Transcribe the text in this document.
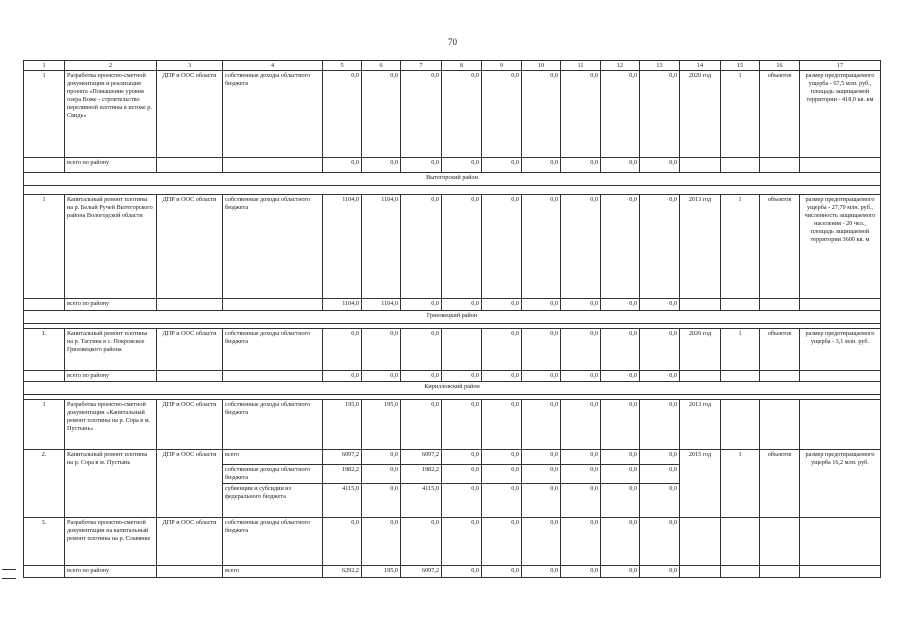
70
1	2	3	4	5	6	7	8	9	10	11	12	13	14	15	16	17
1	Разработка проектно-сметной документации и реализация проекта «Повышение уровня озера Воже - строительство переливной плотины в истоке р. Свидь»	ДПР и ООС области	собственные доходы областного бюджета	0,0	0,0	0,0	0,0	0,0	0,0	0,0	0,0	0,0	2020 год	1	объектов	размер предотвращаемого ущерба - 67,5 млн. руб., площадь защищаемой территории - 418,0 кв. км
	всего по району			0,0	0,0	0,0	0,0	0,0	0,0	0,0	0,0	0,0				
Вытегорский район																

1	Капитальный ремонт плотины на р. Белый Ручей Вытегорского района Вологодской области	ДПР и ООС области	собственные доходы областного бюджета	1104,0	1104,0	0,0	0,0	0,0	0,0	0,0	0,0	0,0	2013 год	1	объектов	размер предотвращаемого ущерба - 27,79 млн. руб., численность защищаемого населения - 20 чел., площадь защищаемой территории 3600 кв. м
	всего по району			1104,0	1104,0	0,0	0,0	0,0	0,0	0,0	0,0	0,0				
Грязовецкий район																

1.	Капитальный ремонт плотины на р. Таггина в с. Покровское Грязовецкого района	ДПР и ООС области	собственные доходы областного бюджета	0,0	0,0	0,0		0,0	0,0	0,0	0,0	0,0	2020 год	1	объектов	размер предотвращаемого ущерба - 3,1 млн. руб.
	всего по району			0,0	0,0	0,0	0,0	0,0	0,0	0,0	0,0	0,0				
Кирилловский район																

1	Разработка проектно-сметной документации «Капитальный ремонт плотины на р. Сора в м. Пустынь»	ДПР и ООС области	собственные доходы областного бюджета	195,0	195,0	0,0	0,0	0,0	0,0	0,0	0,0	0,0	2013 год			
2.	Капитальный ремонт плотины на р. Сора в м. Пустынь	ДПР и ООС области	всего	6097,2	0,0	6097,2	0,0	0,0	0,0	0,0	0,0	0,0	2015 год	1	объектов	размер предотвращаемого ущерба 16,2 млн. руб.
			собственные доходы областного бюджета	1982,2	0,0	1982,2	0,0	0,0	0,0	0,0	0,0	0,0				
			субвенции и субсидии из федерального бюджета	4115,0	0,0	4115,0	0,0	0,0	0,0	0,0	0,0	0,0				
3.	Разработка проектно-сметной документации на капитальный ремонт плотины на р. Славянке	ДПР и ООС области	собственные доходы областного бюджета	0,0	0,0	0,0	0,0	0,0	0,0	0,0	0,0	0,0				
	всего по району		всего	6292,2	195,0	6097,2	0,0	0,0	0,0	0,0	0,0	0,0				
